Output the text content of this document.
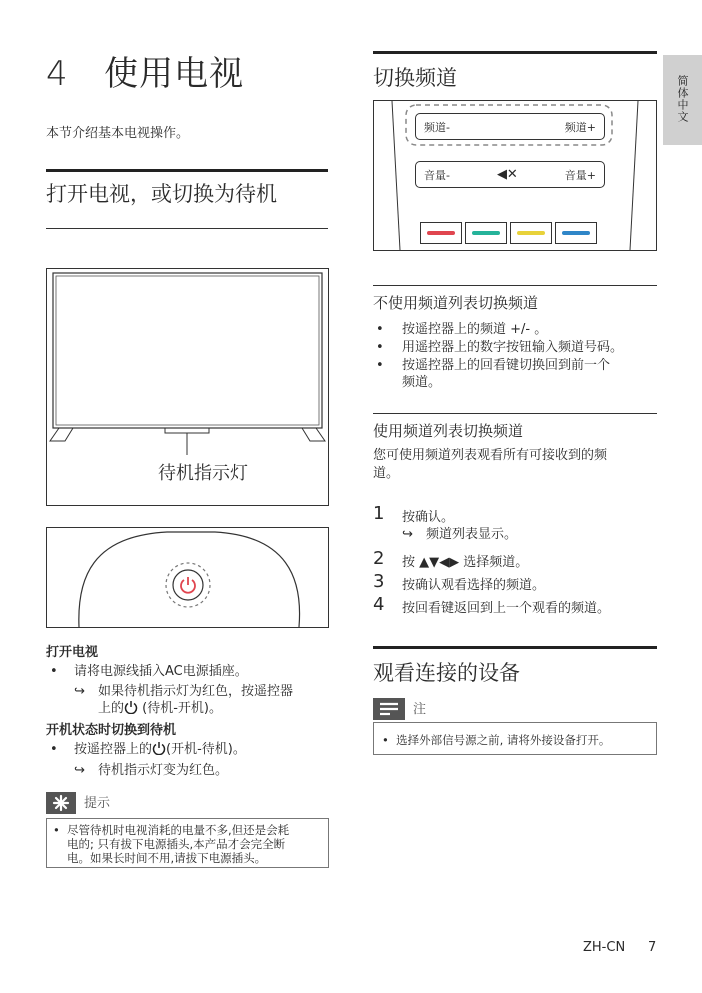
4 使用电视
本节介绍基本电视操作。
打开电视，或切换为待机
待机指示灯
打开电视
• 请将电源线插入AC电源插座。
↪ 如果待机指示灯为红色，按遥控器
上的 (待机-开机)。
开机状态时切换到待机
• 按遥控器上的 (开机-待机)。
↪ 待机指示灯变为红色。
提示
• 尽管待机时电视消耗的电量不多,但还是会耗
电的; 只有拔下电源插头,本产品才会完全断
电。如果长时间不用,请拔下电源插头。
切换频道
频道-	频道+
音量-	◀✕	音量+
不使用频道列表切换频道
• 按遥控器上的频道 +/- 。
• 用遥控器上的数字按钮输入频道号码。
• 按遥控器上的回看键切换回到前一个
频道。
使用频道列表切换频道
您可使用频道列表观看所有可接收到的频
道。
1 按确认。
↪ 频道列表显示。
2 按 ▲▼◀▶ 选择频道。
3 按确认观看选择的频道。
4 按回看键返回到上一个观看的频道。
观看连接的设备
注
•  选择外部信号源之前, 请将外接设备打开。
简体中文
ZH-CN 7
